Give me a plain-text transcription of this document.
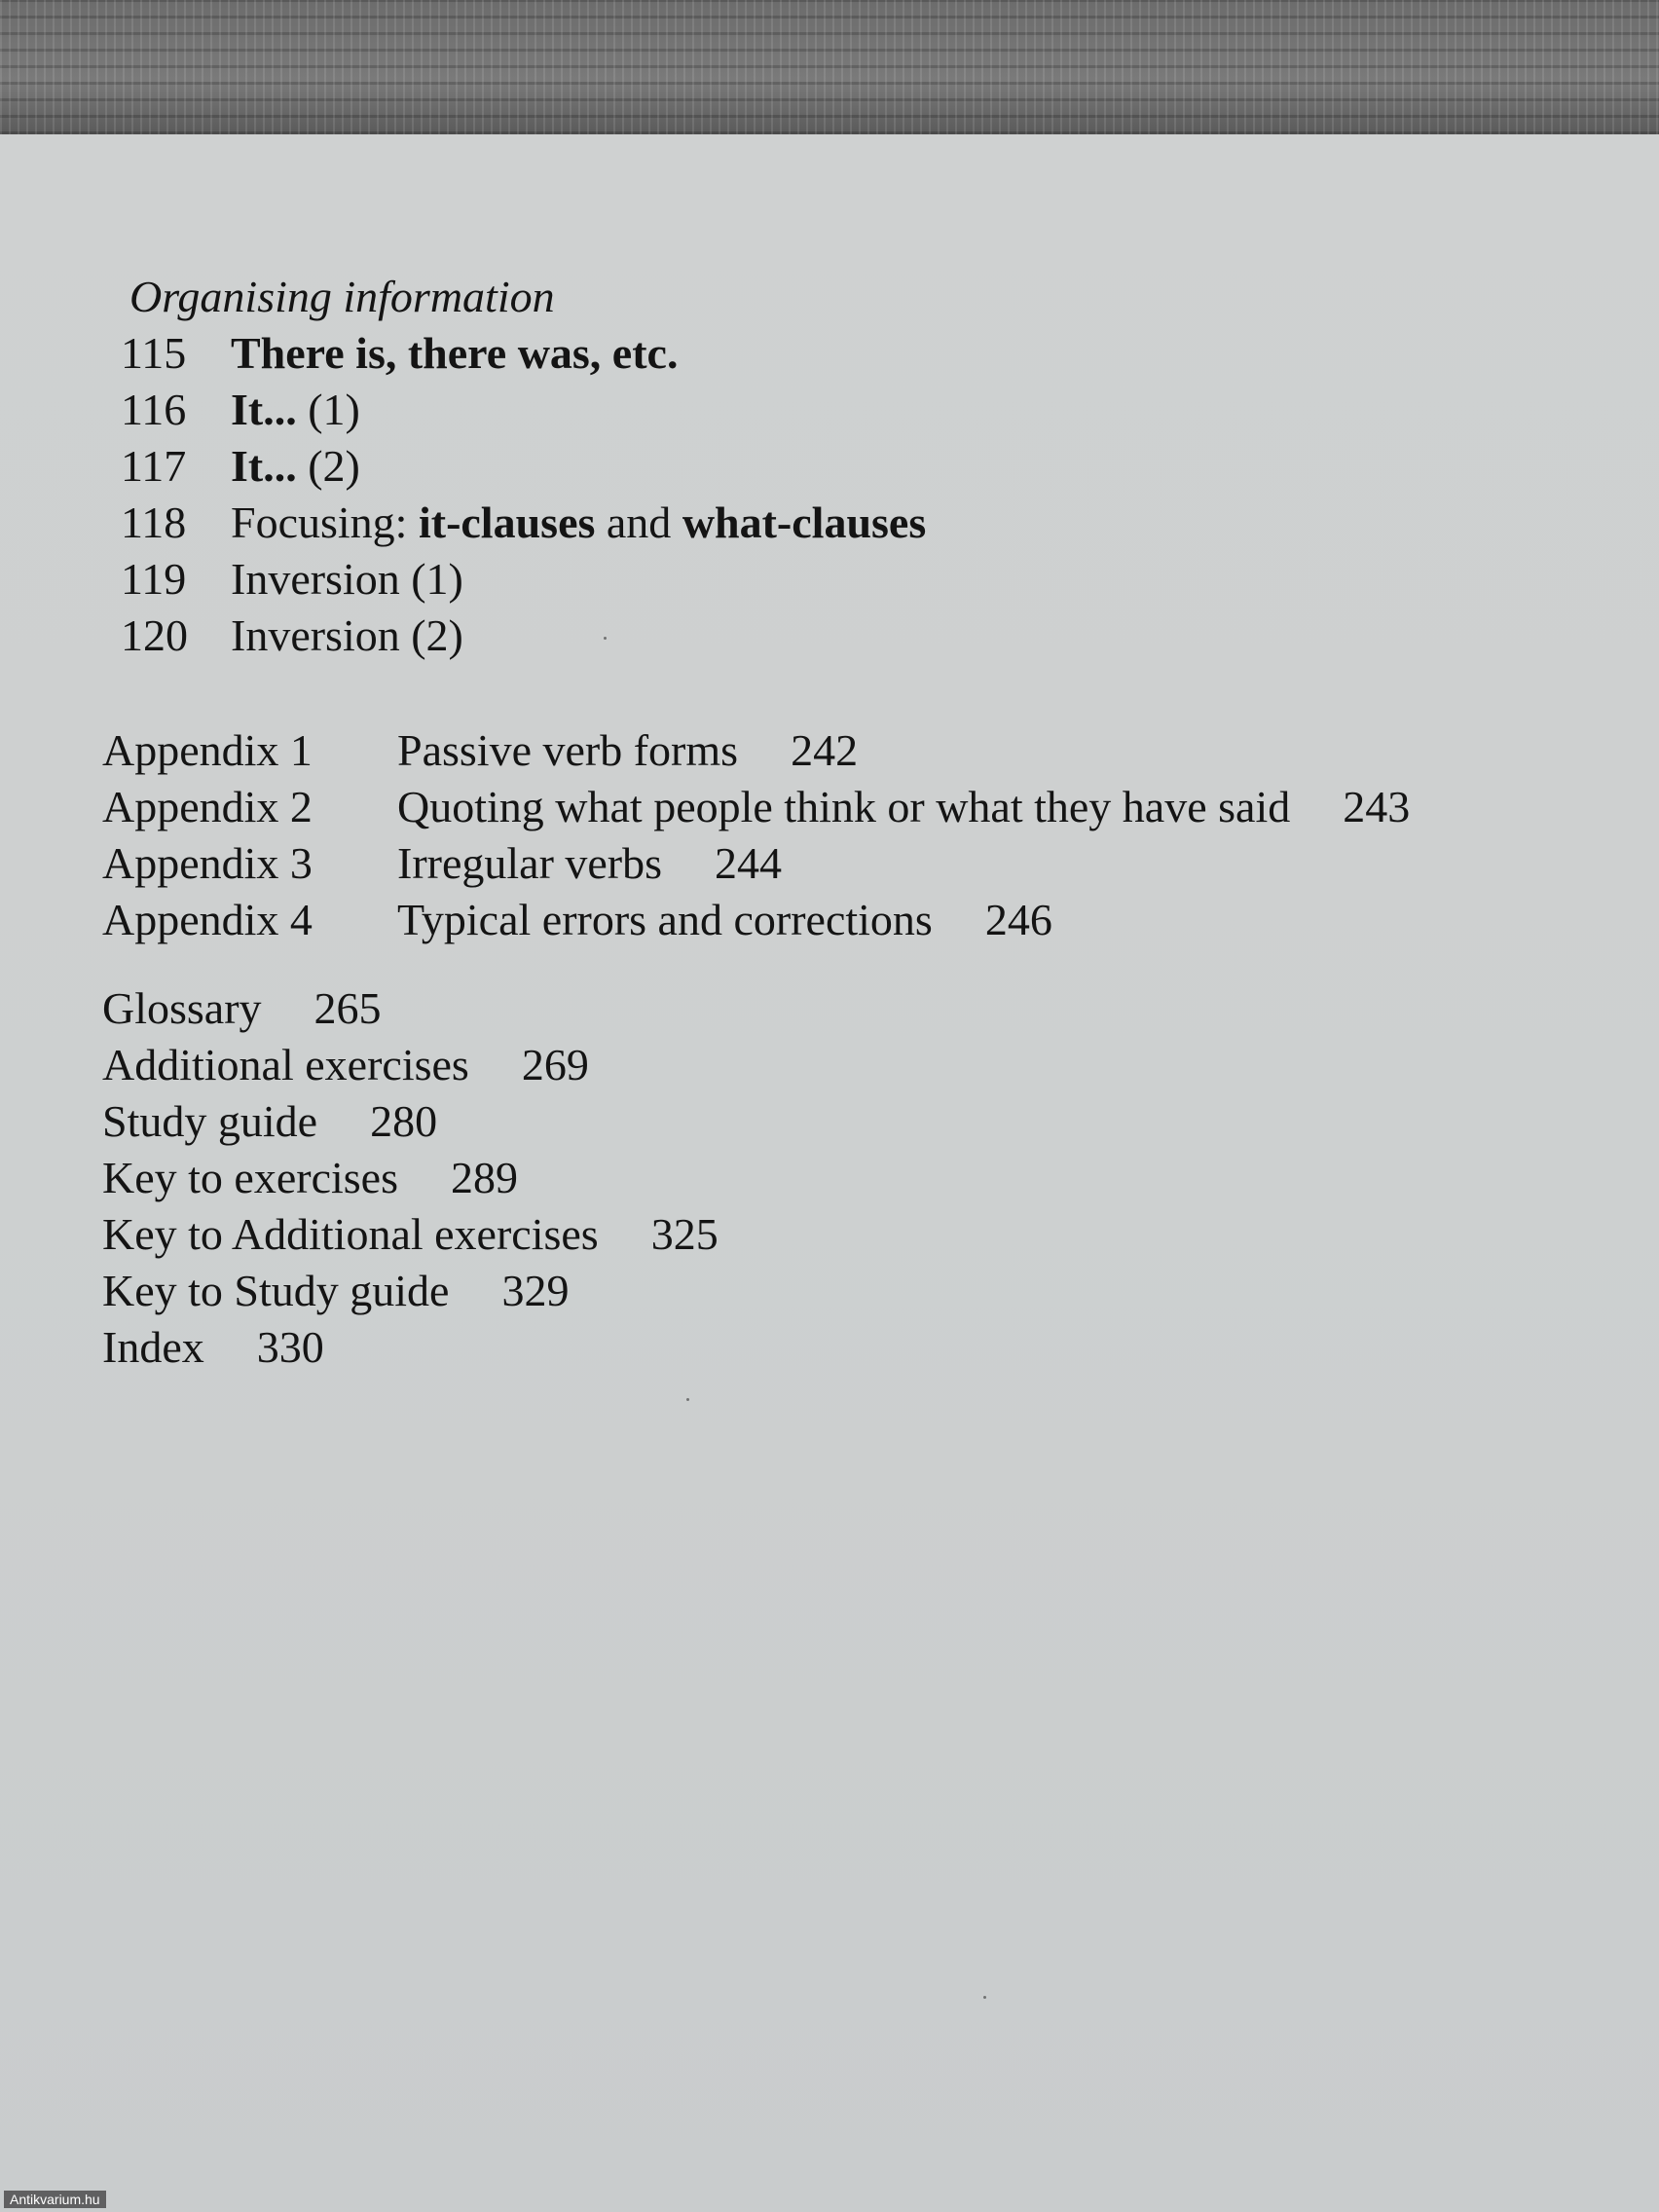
Organising information
115 There is, there was, etc.
116 It... (1)
117 It... (2)
118 Focusing: it-clauses and what-clauses
119 Inversion (1)
120 Inversion (2)
Appendix 1 Passive verb forms 242
Appendix 2 Quoting what people think or what they have said 243
Appendix 3 Irregular verbs 244
Appendix 4 Typical errors and corrections 246
Glossary 265
Additional exercises 269
Study guide 280
Key to exercises 289
Key to Additional exercises 325
Key to Study guide 329
Index 330
Antikvarium.hu
